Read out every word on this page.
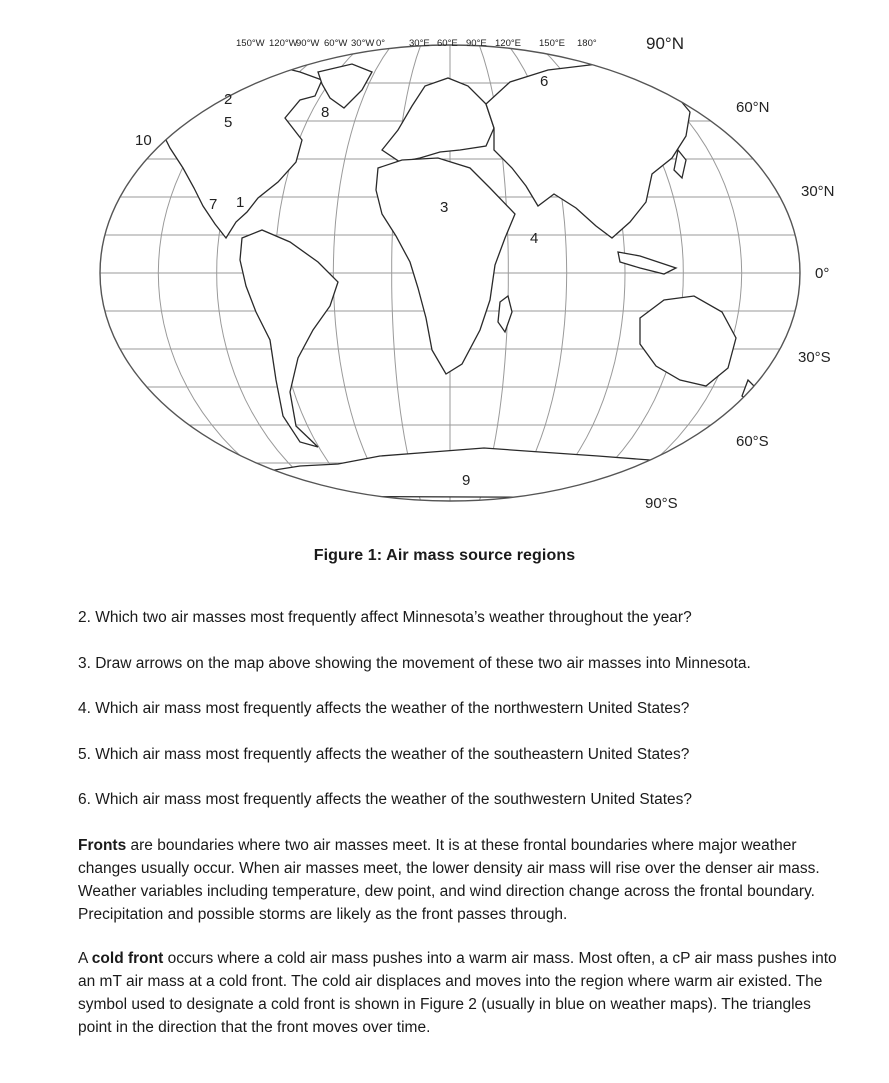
150°W 120°W
90°W 60°W 30°W 0°	30°E 60°E 90°E 120°E 150°E 180°	90°N
60°N
30°N
0°
30°S
60°S
90°S
2
5
10
8
6
7 1	3
4
9
Figure 1: Air mass source regions
2. Which two air masses most frequently affect Minnesota’s weather throughout the year?
3. Draw arrows on the map above showing the movement of these two air masses into Minnesota.
4. Which air mass most frequently affects the weather of the northwestern United States?
5. Which air mass most frequently affects the weather of the southeastern United States?
6. Which air mass most frequently affects the weather of the southwestern United States?
Fronts are boundaries where two air masses meet. It is at these frontal boundaries where major weather changes usually occur. When air masses meet, the lower density air mass will rise over the denser air mass. Weather variables including temperature, dew point, and wind direction change across the frontal boundary. Precipitation and possible storms are likely as the front passes through.
A cold front occurs where a cold air mass pushes into a warm air mass. Most often, a cP air mass pushes into an mT air mass at a cold front. The cold air displaces and moves into the region where warm air existed. The symbol used to designate a cold front is shown in Figure 2 (usually in blue on weather maps). The triangles point in the direction that the front moves over time.
